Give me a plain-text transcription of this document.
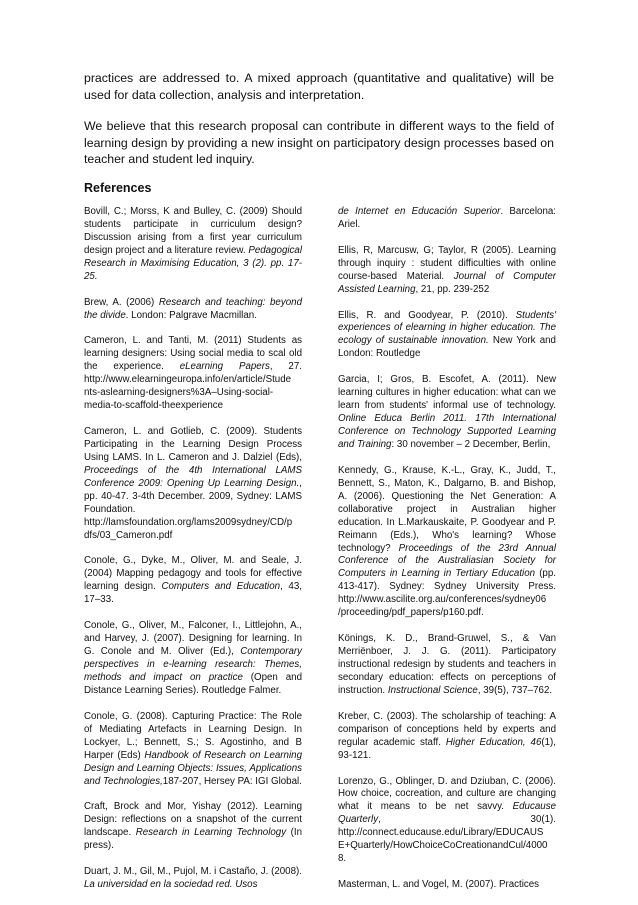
practices are addressed to. A mixed approach (quantitative and qualitative) will be used for data collection, analysis and interpretation.

We believe that this research proposal can contribute in different ways to the field of learning design by providing a new insight on participatory design processes based on teacher and student led inquiry.

References

Bovill, C.; Morss, K and Bulley, C. (2009) Should students participate in curriculum design? Discussion arising from a first year curriculum design project and a literature review. Pedagogical Research in Maximising Education, 3 (2). pp. 17-25.

Brew, A. (2006) Research and teaching: beyond the divide. London: Palgrave Macmillan.

Cameron, L. and Tanti, M. (2011) Students as learning designers: Using social media to scal old the experience. eLearning Papers, 27. http://www.elearningeuropa.info/en/article/Stude nts-aslearning-designers%3A–Using-social-media-to-scaffold-theexperience

Cameron, L. and Gotlieb, C. (2009). Students Participating in the Learning Design Process Using LAMS. In L. Cameron and J. Dalziel (Eds), Proceedings of the 4th International LAMS Conference 2009: Opening Up Learning Design., pp. 40-47. 3-4th December. 2009, Sydney: LAMS Foundation. http://lamsfoundation.org/lams2009sydney/CD/p dfs/03_Cameron.pdf

Conole, G., Dyke, M., Oliver, M. and Seale, J. (2004) Mapping pedagogy and tools for effective learning design. Computers and Education, 43, 17–33.

Conole, G., Oliver, M., Falconer, I., Littlejohn, A., and Harvey, J. (2007). Designing for learning. In G. Conole and M. Oliver (Ed.), Contemporary perspectives in e-learning research: Themes, methods and impact on practice (Open and Distance Learning Series). Routledge Falmer.

Conole, G. (2008). Capturing Practice: The Role of Mediating Artefacts in Learning Design. In Lockyer, L.; Bennett, S.; S. Agostinho, and B Harper (Eds) Handbook of Research on Learning Design and Learning Objects: Issues, Applications and Technologies,187-207, Hersey PA: IGI Global.

Craft, Brock and Mor, Yishay (2012). Learning Design: reflections on a snapshot of the current landscape. Research in Learning Technology (In press).

Duart, J. M., Gil, M., Pujol, M. i Castaño, J. (2008). La universidad en la sociedad red. Usos

de Internet en Educación Superior. Barcelona: Ariel.

Ellis, R, Marcusw, G; Taylor, R (2005). Learning through inquiry : student difficulties with online course-based Material. Journal of Computer Assisted Learning, 21, pp. 239-252

Ellis, R. and Goodyear, P. (2010). Students' experiences of elearning in higher education. The ecology of sustainable innovation. New York and London: Routledge

Garcia, I; Gros, B. Escofet, A. (2011). New learning cultures in higher education: what can we learn from students' informal use of technology. Online Educa Berlin 2011. 17th International Conference on Technology Supported Learning and Training: 30 november – 2 December, Berlin,

Kennedy, G., Krause, K.-L., Gray, K., Judd, T., Bennett, S., Maton, K., Dalgarno, B. and Bishop, A. (2006). Questioning the Net Generation: A collaborative project in Australian higher education. In L.Markauskaite, P. Goodyear and P. Reimann (Eds.), Who's learning? Whose technology? Proceedings of the 23rd Annual Conference of the Australiasian Society for Computers in Learning in Tertiary Education (pp. 413-417). Sydney: Sydney University Press. http://www.ascilite.org.au/conferences/sydney06 /proceeding/pdf_papers/p160.pdf.

Könings, K. D., Brand-Gruwel, S., & Van Merriënboer, J. J. G. (2011). Participatory instructional redesign by students and teachers in secondary education: effects on perceptions of instruction. Instructional Science, 39(5), 737–762.

Kreber, C. (2003). The scholarship of teaching: A comparison of conceptions held by experts and regular academic staff. Higher Education, 46(1), 93-121.

Lorenzo, G., Oblinger, D. and Dziuban, C. (2006). How choice, cocreation, and culture are changing what it means to be net savvy. Educause Quarterly, 30(1). http://connect.educause.edu/Library/EDUCAUS E+Quarterly/HowChoiceCoCreationandCul/4000 8.

Masterman, L. and Vogel, M. (2007). Practices
